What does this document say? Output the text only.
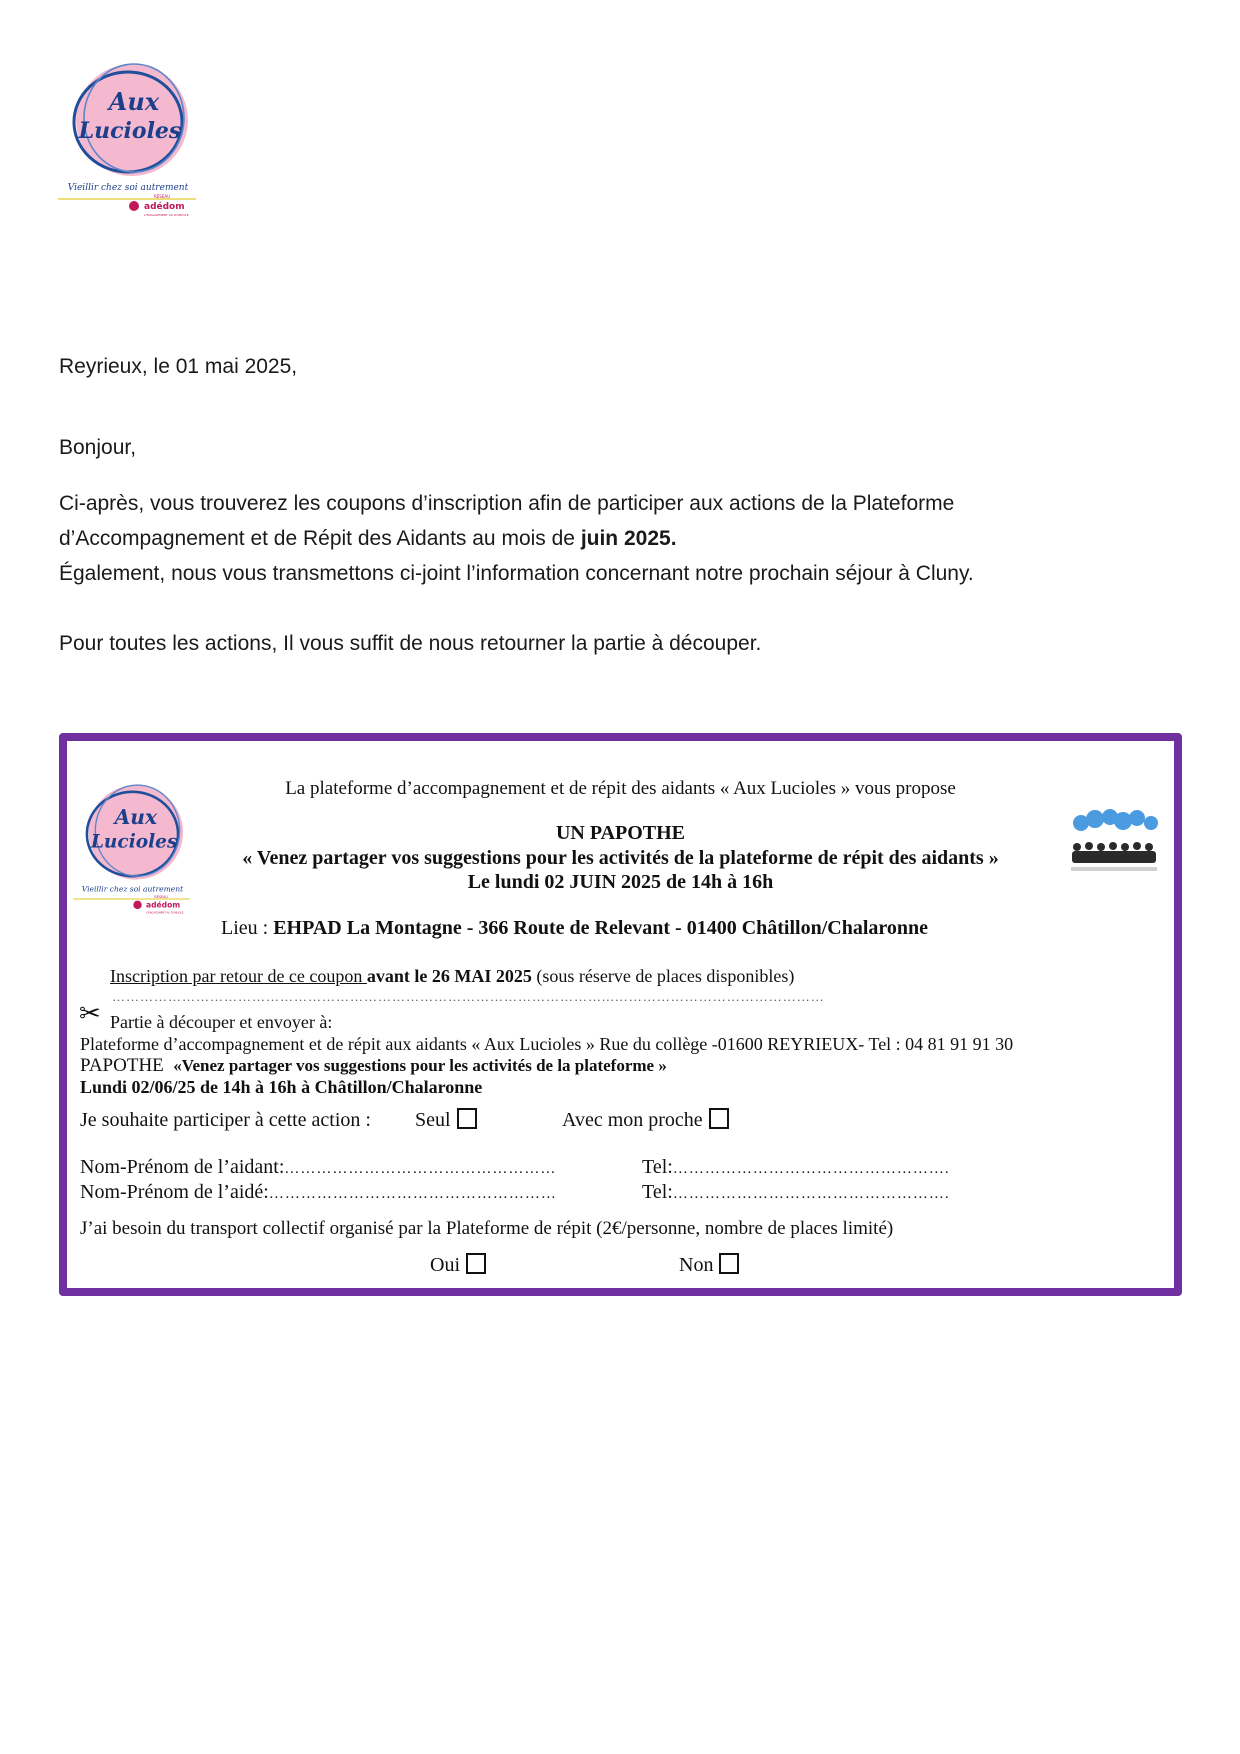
Aux
Lucioles
Vieillir chez soi autrement
RÉSEAU
adédom
L'ENGAGEMENT AU DOMICILE
Reyrieux, le 01 mai 2025,
Bonjour,
Ci-après, vous trouverez les coupons d’inscription afin de participer aux actions de la Plateforme
d’Accompagnement et de Répit des Aidants au mois de juin 2025.
Également, nous vous transmettons ci-joint l’information concernant notre prochain séjour à Cluny.
Pour toutes les actions, Il vous suffit de nous retourner la partie à découper.
La plateforme d’accompagnement et de répit des aidants « Aux Lucioles » vous propose
UN PAPOTHE
« Venez partager vos suggestions pour les activités de la plateforme de répit des aidants »
Le lundi 02 JUIN 2025 de 14h à 16h
Lieu : EHPAD La Montagne - 366 Route de Relevant - 01400 Châtillon/Chalaronne
Inscription par retour de ce coupon avant le 26 MAI 2025 (sous réserve de places disponibles)
✂
……………………………………………………………………………………………...………………………………………
Partie à découper et envoyer à:
Plateforme d’accompagnement et de répit aux aidants « Aux Lucioles » Rue du collège -01600 REYRIEUX- Tel : 04 81 91 91 30
PAPOTHE «Venez partager vos suggestions pour les activités de la plateforme »
Lundi 02/06/25 de 14h à 16h à Châtillon/Chalaronne
Je souhaite participer à cette action : Seul	Avec mon proche
Nom-Prénom de l’aidant:……………………………………………	Tel:…………………………………………….
Nom-Prénom de l’aidé:………………………………………………	Tel:…………………………………………….
J’ai besoin du transport collectif organisé par la Plateforme de répit (2€/personne, nombre de places limité)
Oui	Non
Aux
Lucioles
Vieillir chez soi autrement
RÉSEAU
adédom
L'ENGAGEMENT AU DOMICILE
